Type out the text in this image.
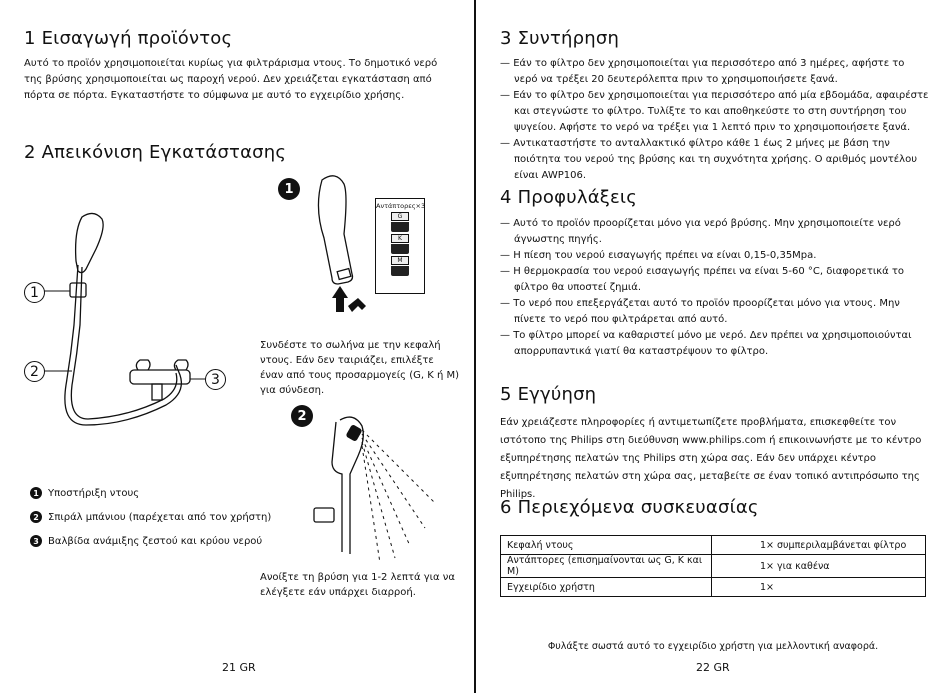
1 Εισαγωγή προϊόντος

Αυτό το προϊόν χρησιμοποιείται κυρίως για φιλτράρισμα ντους. Το δημοτικό νερό της βρύσης χρησιμοποιείται ως παροχή νερού. Δεν χρειάζεται εγκατάσταση από πόρτα σε πόρτα. Εγκαταστήστε το σύμφωνα με αυτό το εγχειρίδιο χρήσης.

2 Απεικόνιση Εγκατάστασης
1
2	3
1
Αντάπτορες×3
G
K
M

Συνδέστε το σωλήνα με την κεφαλή ντους. Εάν δεν ταιριάζει, επιλέξτε έναν από τους προσαρμογείς (G, K ή M) για σύνδεση.

2
1 Υποστήριξη ντους
2 Σπιράλ μπάνιου (παρέχεται από τον χρήστη)
3 Βαλβίδα ανάμιξης ζεστού και κρύου νερού

Ανοίξτε τη βρύση για 1-2 λεπτά για να ελέγξετε εάν υπάρχει διαρροή.

21 GR

3 Συντήρηση
— Εάν το φίλτρο δεν χρησιμοποιείται για περισσότερο από 3 ημέρες, αφήστε το νερό να τρέξει 20 δευτερόλεπτα πριν το χρησιμοποιήσετε ξανά.
— Εάν το φίλτρο δεν χρησιμοποιείται για περισσότερο από μία εβδομάδα, αφαιρέστε και στεγνώστε το φίλτρο. Τυλίξτε το και αποθηκεύστε το στη συντήρηση του ψυγείου. Αφήστε το νερό να τρέξει για 1 λεπτό πριν το χρησιμοποιήσετε ξανά.
— Αντικαταστήστε το ανταλλακτικό φίλτρο κάθε 1 έως 2 μήνες με βάση την ποιότητα του νερού της βρύσης και τη συχνότητα χρήσης. Ο αριθμός μοντέλου είναι AWP106.
4 Προφυλάξεις
— Αυτό το προϊόν προορίζεται μόνο για νερό βρύσης. Μην χρησιμοποιείτε νερό άγνωστης πηγής.
— Η πίεση του νερού εισαγωγής πρέπει να είναι 0,15-0,35Mpa.
— Η θερμοκρασία του νερού εισαγωγής πρέπει να είναι 5-60 °C, διαφορετικά το φίλτρο θα υποστεί ζημιά.
— Το νερό που επεξεργάζεται αυτό το προϊόν προορίζεται μόνο για ντους. Μην πίνετε το νερό που φιλτράρεται από αυτό.
— Το φίλτρο μπορεί να καθαριστεί μόνο με νερό. Δεν πρέπει να χρησιμοποιούνται απορρυπαντικά γιατί θα καταστρέψουν το φίλτρο.
5 Εγγύηση

Εάν χρειάζεστε πληροφορίες ή αντιμετωπίζετε προβλήματα, επισκεφθείτε τον ιστότοπο της Philips στη διεύθυνση www.philips.com ή επικοινωνήστε με το κέντρο εξυπηρέτησης πελατών της Philips στη χώρα σας. Εάν δεν υπάρχει κέντρο εξυπηρέτησης πελατών στη χώρα σας, μεταβείτε σε έναν τοπικό αντιπρόσωπο της Philips.

6 Περιεχόμενα συσκευασίας
Κεφαλή ντους	1× συμπεριλαμβάνεται φίλτρο
Αντάπτορες (επισημαίνονται ως G, K και M)	1× για καθένα
Εγχειρίδιο χρήστη	1×

Φυλάξτε σωστά αυτό το εγχειρίδιο χρήστη για μελλοντική αναφορά.

22 GR
